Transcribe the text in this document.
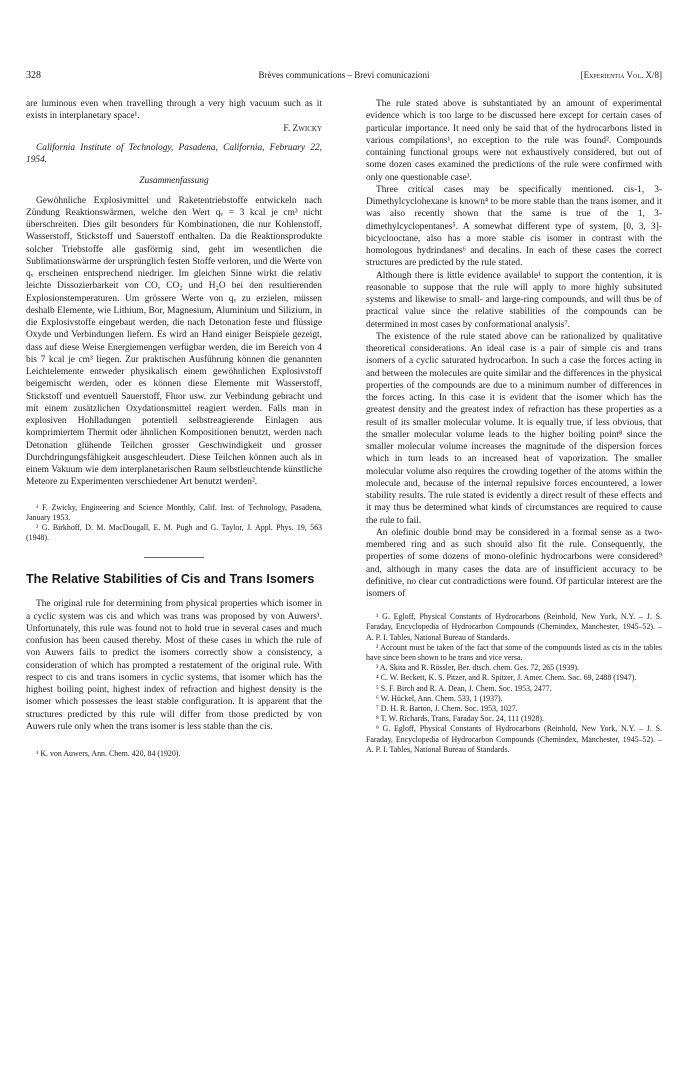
328	Brèves communications – Brevi comunicazioni	[Experientia Vol. X/8]

are luminous even when travelling through a very high vacuum such as it exists in interplanetary space¹.

F. Zwicky

California Institute of Technology, Pasadena, California, February 22, 1954.

Zusammenfassung

Gewöhnliche Explosivmittel und Raketentriebstoffe entwickeln nach Zündung Reaktionswärmen, welche den Wert qᵥ = 3 kcal je cm³ nicht überschreiten. Dies gilt besonders für Kombinationen, die nur Kohlenstoff, Wasserstoff, Stickstoff und Sauerstoff enthalten. Da die Reaktionsprodukte solcher Triebstoffe alle gasförmig sind, geht im wesentlichen die Sublimationswärme der ursprünglich festen Stoffe verloren, und die Werte von qᵥ erscheinen entsprechend niedriger. Im gleichen Sinne wirkt die relativ leichte Dissozierbarkeit von CO, CO₂ und H₂O bei den resultierenden Explosionstemperaturen. Um grössere Werte von qᵥ zu erzielen, müssen deshalb Elemente, wie Lithium, Bor, Magnesium, Aluminium und Silizium, in die Explosivstoffe eingebaut werden, die nach Detonation feste und flüssige Oxyde und Verbindungen liefern. Es wird an Hand einiger Beispiele gezeigt, dass auf diese Weise Energiemengen verfügbar werden, die im Bereich von 4 bis 7 kcal je cm³ liegen. Zur praktischen Ausführung können die genannten Leichtelemente entweder physikalisch einem gewöhnlichen Explosivstoff beigemischt werden, oder es können diese Elemente mit Wasserstoff, Stickstoff und eventuell Sauerstoff, Fluor usw. zur Verbindung gebracht und mit einem zusätzlichen Oxydationsmittel reagiert werden. Falls man in explosiven Hohlladungen potentiell selbstreagierende Einlagen aus komprimiertem Thermit oder ähnlichen Kompositionen benutzt, werden nach Detonation glühende Teilchen grosser Geschwindigkeit und grosser Durchdringungsfähigkeit ausgeschleudert. Diese Teilchen können auch als in einem Vakuum wie dem interplanetarischen Raum selbstleuchtende künstliche Meteore zu Experimenten verschiedener Art benutzt werden².

¹ F. Zwicky, Engineering and Science Monthly, Calif. Inst. of Technology, Pasadena, January 1953.

² G. Birkhoff, D. M. MacDougall, E. M. Pugh and G. Taylor, J. Appl. Phys. 19, 563 (1948).

The Relative Stabilities of Cis and Trans Isomers

The original rule for determining from physical properties which isomer in a cyclic system was cis and which was trans was proposed by von Auwers¹. Unfortunately, this rule was found not to hold true in several cases and much confusion has been caused thereby. Most of these cases in which the rule of von Auwers fails to predict the isomers correctly show a consistency, a consideration of which has prompted a restatement of the original rule. With respect to cis and trans isomers in cyclic systems, that isomer which has the highest boiling point, highest index of refraction and highest density is the isomer which possesses the least stable configuration. It is apparent that the structures predicted by this rule will differ from those predicted by von Auwers rule only when the trans isomer is less stable than the cis.

¹ K. von Auwers, Ann. Chem. 420, 84 (1920).

The rule stated above is substantiated by an amount of experimental evidence which is too large to be discussed here except for certain cases of particular importance. It need only be said that of the hydrocarbons listed in various compilations¹, no exception to the rule was found². Compounds containing functional groups were not exhaustively considered, but out of some dozen cases examined the predictions of the rule were confirmed with only one questionable case³.

Three critical cases may be specifically mentioned. cis-1, 3-Dimethylcyclohexane is known⁴ to be more stable than the trans isomer, and it was also recently shown that the same is true of the 1, 3-dimethylcyclopentanes⁵. A somewhat different type of system, [0, 3, 3]-bicyclooctane, also has a more stable cis isomer in contrast with the homologous hydrindanes⁶ and decalins. In each of these cases the correct structures are predicted by the rule stated.

Although there is little evidence available¹ to support the contention, it is reasonable to suppose that the rule will apply to more highly subsituted systems and likewise to small- and large-ring compounds, and will thus be of practical value since the relative stabilities of the compounds can be determined in most cases by conformational analysis⁷.

The existence of the rule stated above can be rationalized by qualitative theoretical considerations. An ideal case is a pair of simple cis and trans isomers of a cyclic saturated hydrocarbon. In such a case the forces acting in and between the molecules are quite similar and the differences in the physical properties of the compounds are due to a minimum number of differences in the forces acting. In this case it is evident that the isomer which has the greatest density and the greatest index of refraction has these properties as a result of its smaller molecular volume. It is equally true, if less obvious, that the smaller molecular volume leads to the higher boiling point⁸ since the smaller molecular volume increases the magnitude of the dispersion forces which in turn leads to an increased heat of vaporization. The smaller molecular volume also requires the crowding together of the atoms within the molecule and, because of the internal repulsive forces encountered, a lower stability results. The rule stated is evidently a direct result of these effects and it may thus be determined what kinds of circumstances are required to cause the rule to fail.

An olefinic double bond may be considered in a formal sense as a two-membered ring and as such should also fit the rule. Consequently, the properties of some dozens of mono-olefinic hydrocarbons were considered⁹ and, although in many cases the data are of insufficient accuracy to be definitive, no clear cut contradictions were found. Of particular interest are the isomers of

¹ G. Egloff, Physical Constants of Hydrocarbons (Reinhold, New York, N.Y. – J. S. Faraday, Encyclopedia of Hydrocarbon Compounds (Chemindex, Manchester, 1945–52). – A. P. I. Tables, National Bureau of Standards.

² Account must be taken of the fact that some of the compounds listed as cis in the tables have since been shown to be trans and vice versa.

³ A. Skita and R. Rössler, Ber. dtsch. chem. Ges. 72, 265 (1939).

⁴ C. W. Beckett, K. S. Pitzer, and R. Spitzer, J. Amer. Chem. Soc. 69, 2488 (1947).

⁵ S. F. Birch and R. A. Dean, J. Chem. Soc. 1953, 2477.

⁶ W. Hückel, Ann. Chem. 533, 1 (1937).

⁷ D. H. R. Barton, J. Chem. Soc. 1953, 1027.

⁸ T. W. Richards, Trans. Faraday Soc. 24, 111 (1928).

⁹ G. Egloff, Physical Constants of Hydrocarbons (Reinhold, New York, N.Y. – J. S. Faraday, Encyclopedia of Hydrocarbon Compounds (Chemindex, Manchester, 1945–52). – A. P. I. Tables, National Bureau of Standards.
